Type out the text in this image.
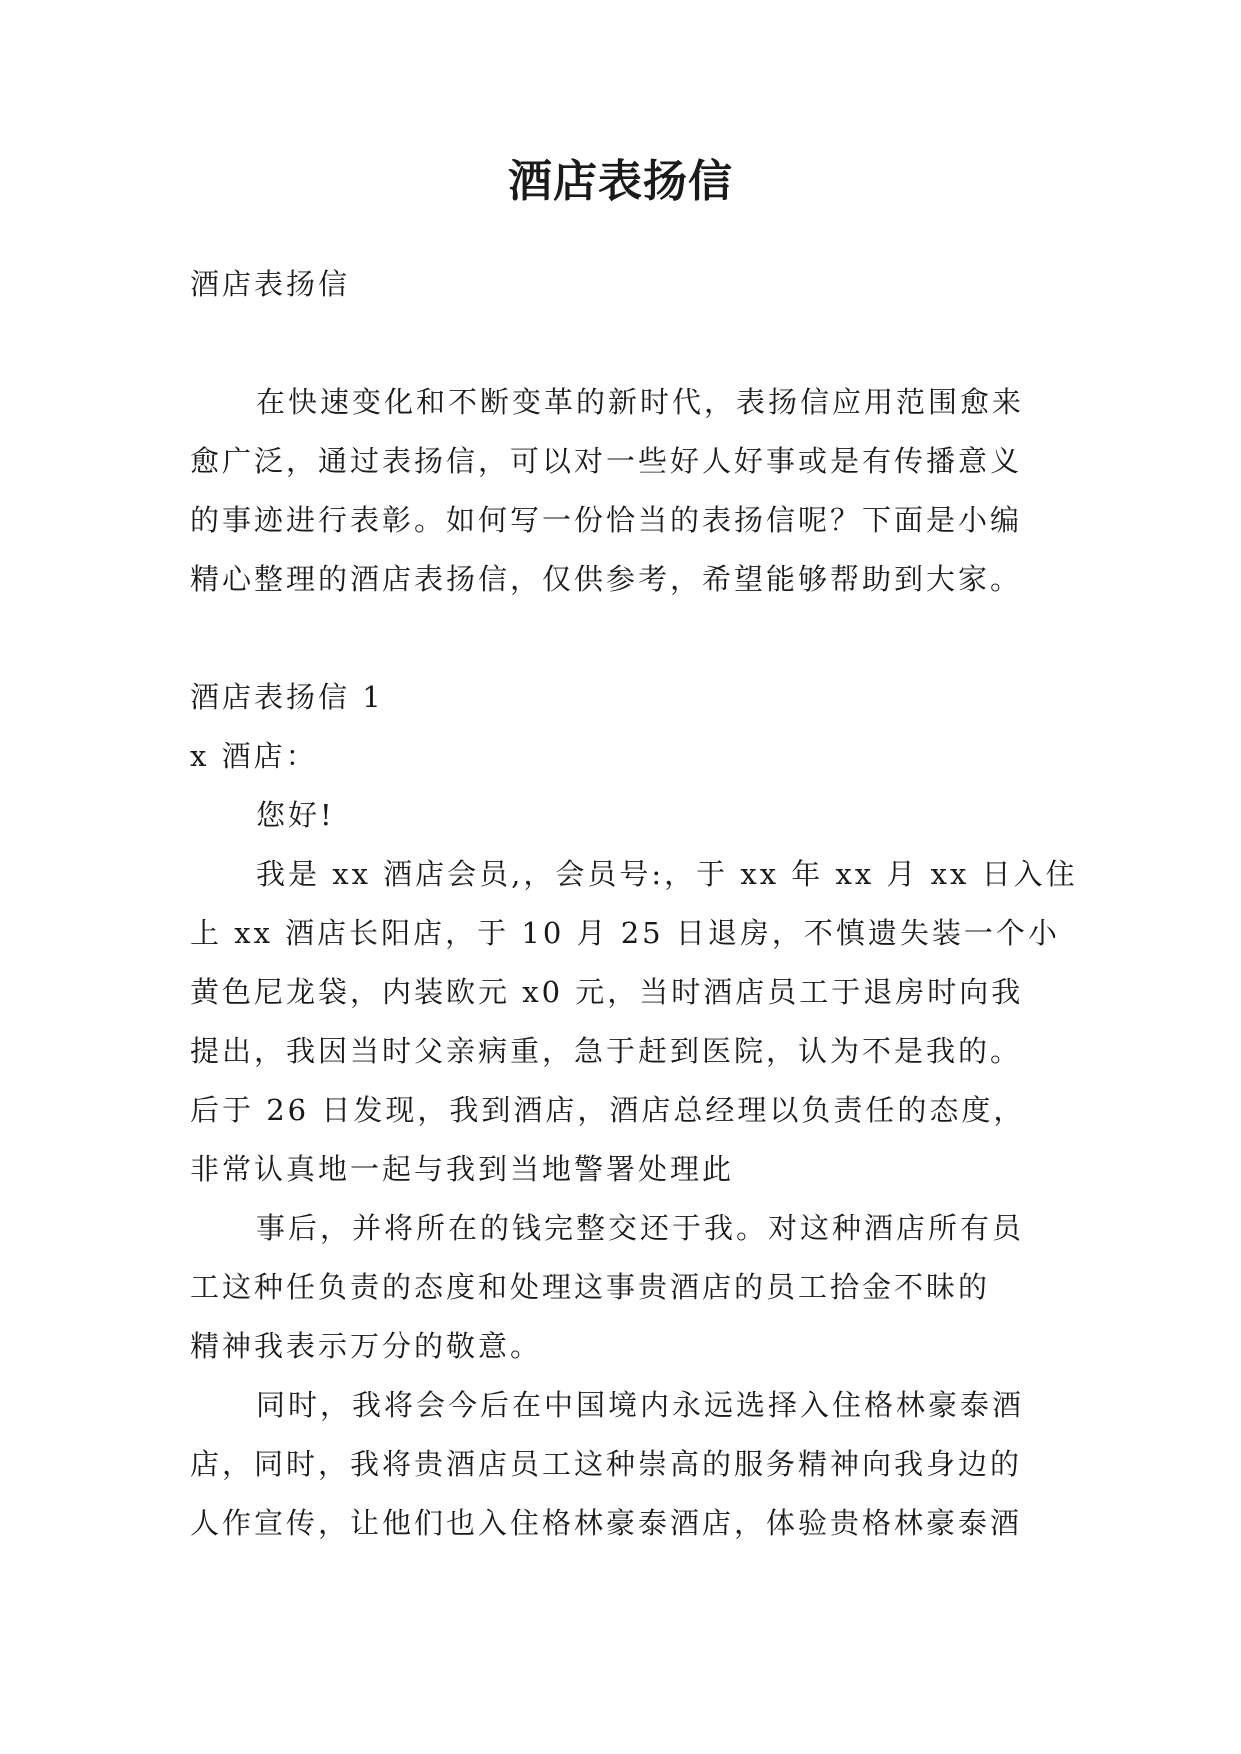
酒店表扬信
酒店表扬信
在快速变化和不断变革的新时代，表扬信应用范围愈来
愈广泛，通过表扬信，可以对一些好人好事或是有传播意义
的事迹进行表彰。如何写一份恰当的表扬信呢？下面是小编
精心整理的酒店表扬信，仅供参考，希望能够帮助到大家。
酒店表扬信 1
x 酒店：
您好!
我是 xx 酒店会员,，会员号:，于 xx 年 xx 月 xx 日入住
上 xx 酒店长阳店，于 10 月 25 日退房，不慎遗失装一个小
黄色尼龙袋，内装欧元 x0 元，当时酒店员工于退房时向我
提出，我因当时父亲病重，急于赶到医院，认为不是我的。
后于 26 日发现，我到酒店，酒店总经理以负责任的态度，
非常认真地一起与我到当地警署处理此
事后，并将所在的钱完整交还于我。对这种酒店所有员
工这种任负责的态度和处理这事贵酒店的员工拾金不昧的
精神我表示万分的敬意。
同时，我将会今后在中国境内永远选择入住格林豪泰酒
店，同时，我将贵酒店员工这种崇高的服务精神向我身边的
人作宣传，让他们也入住格林豪泰酒店，体验贵格林豪泰酒
